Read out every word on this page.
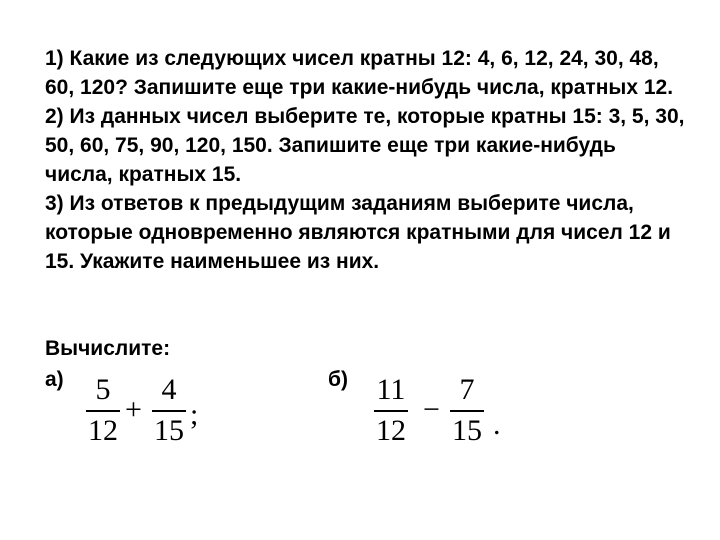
1) Какие из следующих чисел кратны 12: 4, 6, 12, 24, 30, 48, 60, 120? Запишите еще три какие-нибудь числа, кратных 12.

2) Из данных чисел выберите те, которые кратны 15: 3, 5, 30, 50, 60, 75, 90, 120, 150. Запишите еще три какие-нибудь числа, кратных 15.

3) Из ответов к предыдущим заданиям выберите числа, которые одновременно являются кратными для чисел 12 и 15. Укажите наименьшее из них.

Вычислите:
а) 5
12
+
4
15 ;
б) 11
12
−
7
15 .
